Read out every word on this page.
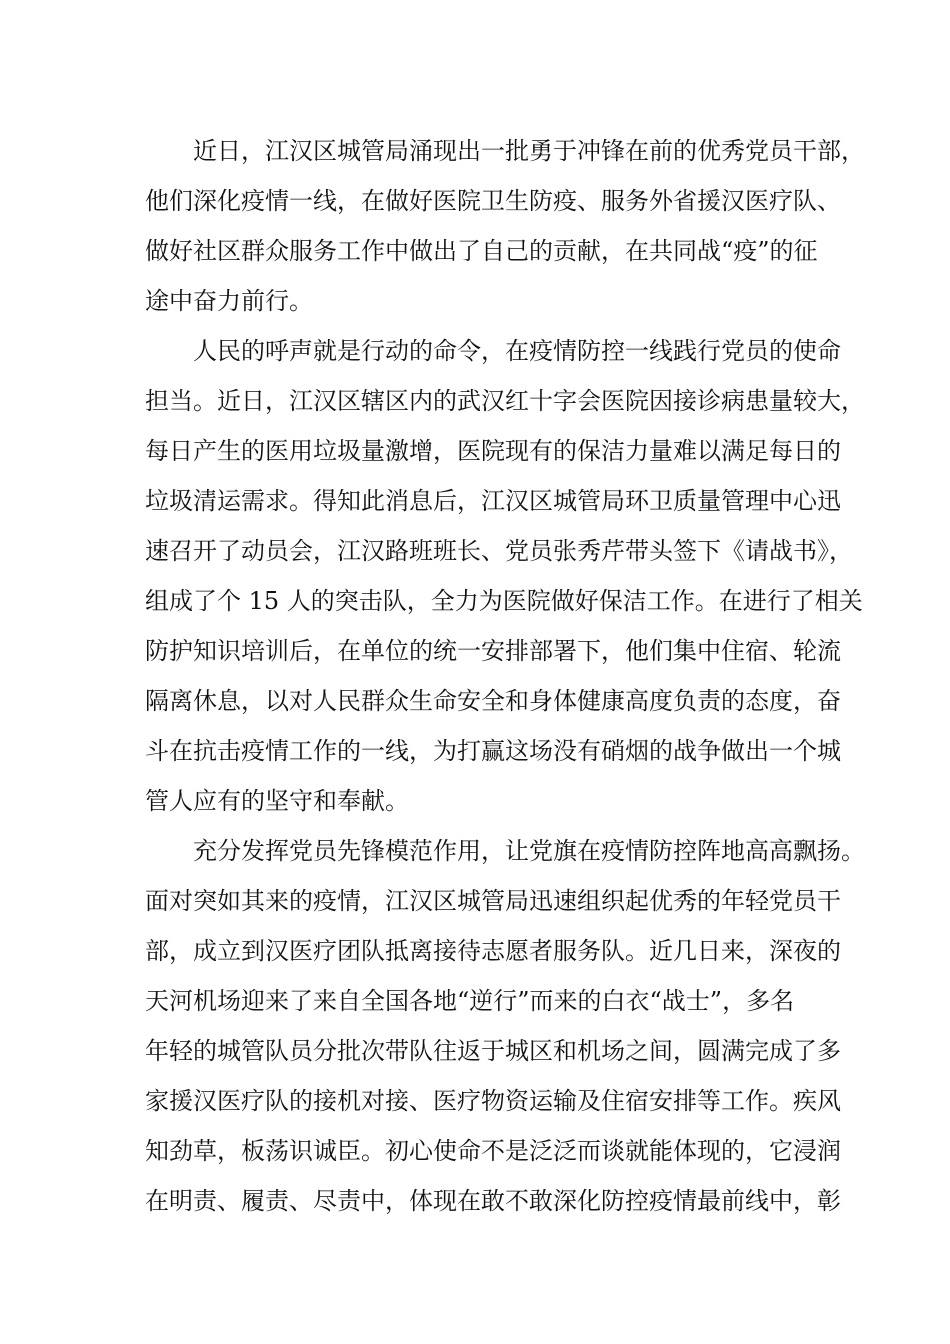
近日，江汉区城管局涌现出一批勇于冲锋在前的优秀党员干部，
他们深化疫情一线，在做好医院卫生防疫、服务外省援汉医疗队、
做好社区群众服务工作中做出了自己的贡献，在共同战“疫”的征
途中奋力前行。
人民的呼声就是行动的命令，在疫情防控一线践行党员的使命
担当。近日，江汉区辖区内的武汉红十字会医院因接诊病患量较大，
每日产生的医用垃圾量激增，医院现有的保洁力量难以满足每日的
垃圾清运需求。得知此消息后，江汉区城管局环卫质量管理中心迅
速召开了动员会，江汉路班班长、党员张秀芹带头签下《请战书》，
组成了个 15 人的突击队，全力为医院做好保洁工作。在进行了相关
防护知识培训后，在单位的统一安排部署下，他们集中住宿、轮流
隔离休息，以对人民群众生命安全和身体健康高度负责的态度，奋
斗在抗击疫情工作的一线，为打赢这场没有硝烟的战争做出一个城
管人应有的坚守和奉献。
充分发挥党员先锋模范作用，让党旗在疫情防控阵地高高飘扬。
面对突如其来的疫情，江汉区城管局迅速组织起优秀的年轻党员干
部，成立到汉医疗团队抵离接待志愿者服务队。近几日来，深夜的
天河机场迎来了来自全国各地“逆行”而来的白衣“战士”，多名
年轻的城管队员分批次带队往返于城区和机场之间，圆满完成了多
家援汉医疗队的接机对接、医疗物资运输及住宿安排等工作。疾风
知劲草，板荡识诚臣。初心使命不是泛泛而谈就能体现的，它浸润
在明责、履责、尽责中，体现在敢不敢深化防控疫情最前线中，彰
